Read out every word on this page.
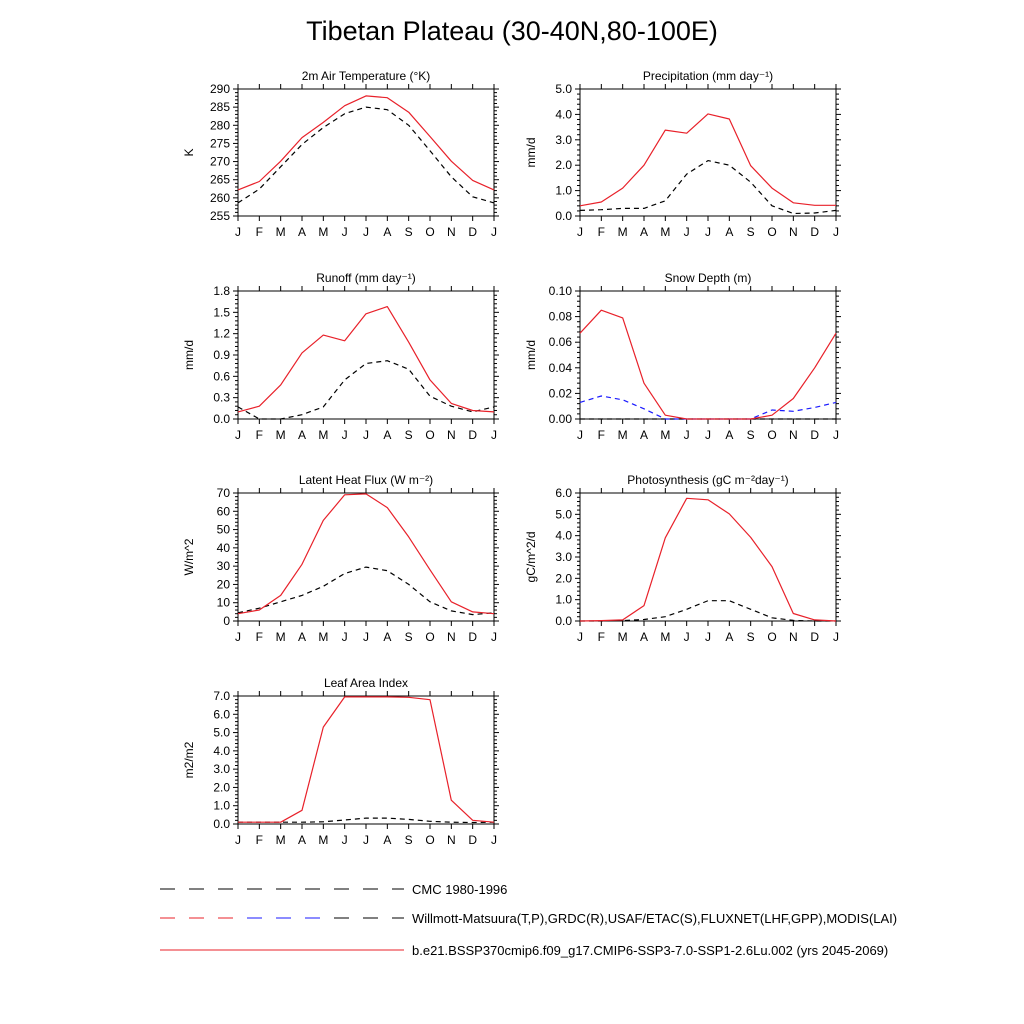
Tibetan Plateau (30-40N,80-100E)
2m Air Temperature (°K)
K
255
260
265
270
275
280
285
290
J F M A M J J A S O N D J
Precipitation (mm day⁻¹)
mm/d
0.0
1.0
2.0
3.0
4.0
5.0
J F M A M J J A S O N D J
Runoff (mm day⁻¹)
mm/d
0.0
0.3
0.6
0.9
1.2
1.5
1.8
J F M A M J J A S O N D J
Snow Depth (m)
mm/d
0.00
0.02
0.04
0.06
0.08
0.10
J F M A M J J A S O N D J
Latent Heat Flux (W m⁻²)
W/m^2
0
10
20
30
40
50
60
70
J F M A M J J A S O N D J
Photosynthesis (gC m⁻²day⁻¹)
gC/m^2/d
0.0
1.0
2.0
3.0
4.0
5.0
6.0
J F M A M J J A S O N D J
Leaf Area Index
m2/m2
0.0
1.0
2.0
3.0
4.0
5.0
6.0
7.0
J F M A M J J A S O N D J
CMC 1980-1996
Willmott-Matsuura(T,P),GRDC(R),USAF/ETAC(S),FLUXNET(LHF,GPP),MODIS(LAI)
b.e21.BSSP370cmip6.f09_g17.CMIP6-SSP3-7.0-SSP1-2.6Lu.002 (yrs 2045-2069)
